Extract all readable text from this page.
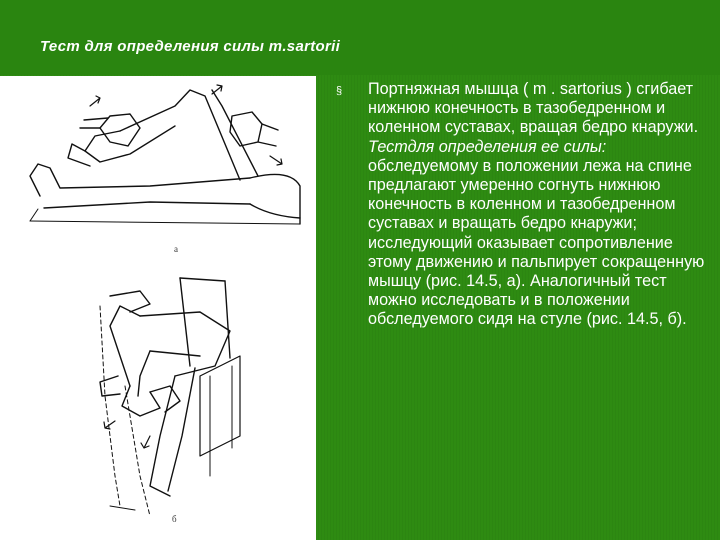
Тест для определения силы m.sartorii
а
б
§ Портняжная мышца ( m . sartorius ) сгибает нижнюю конечность в тазобедренном и коленном суставах, вращая бедро кнаружи. Тестдля определения ее силы: обследуемому в положении лежа на спине предлагают умеренно согнуть нижнюю конечность в коленном и тазобедренном суставах и вращать бедро кнаружи; исследующий оказывает сопротивление этому движению и пальпирует сокращенную мышцу (рис. 14.5, а). Аналогичный тест можно исследовать и в положении обследуемого сидя на стуле (рис. 14.5, б).
